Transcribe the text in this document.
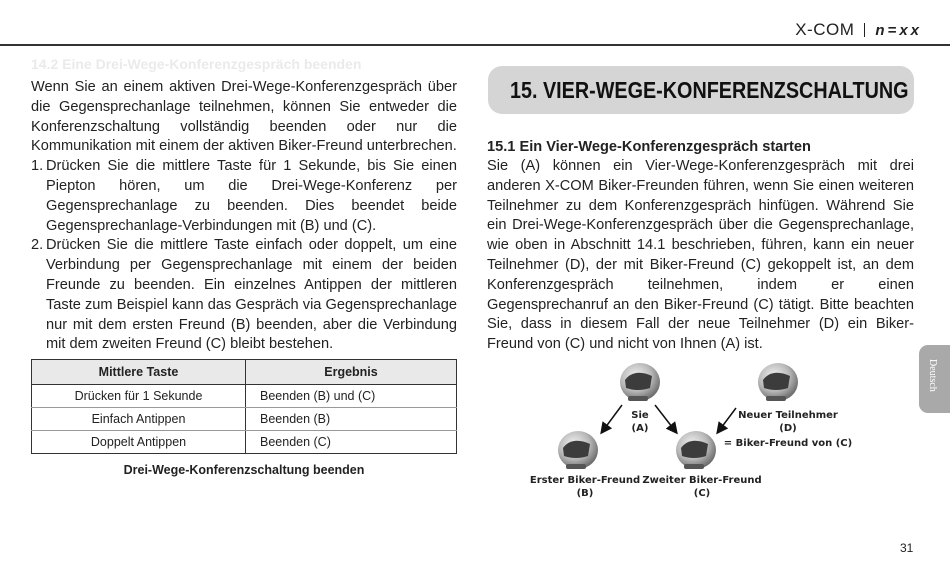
X-COM n=xx
14.2 Eine Drei-Wege-Konferenzgespräch beenden

Wenn Sie an einem aktiven Drei-Wege-Konferenzgespräch über die Gegensprechanlage teilnehmen, können Sie entweder die Konferenzschaltung vollständig beenden oder nur die Kommunikation mit einem der aktiven Biker-Freund unterbrechen.

1. Drücken Sie die mittlere Taste für 1 Sekunde, bis Sie einen Piepton hören, um die Drei-Wege-Konferenz per Gegensprechanlage zu beenden. Dies beendet beide Gegensprechanlage-Verbindungen mit (B) und (C).
2. Drücken Sie die mittlere Taste einfach oder doppelt, um eine Verbindung per Gegensprechanlage mit einem der beiden Freunde zu beenden. Ein einzelnes Antippen der mittleren Taste zum Beispiel kann das Gespräch via Gegensprechanlage nur mit dem ersten Freund (B) beenden, aber die Verbindung mit dem zweiten Freund (C) bleibt bestehen.
Mittlere Taste	Ergebnis
Drücken für 1 Sekunde	Beenden (B) und (C)
Einfach Antippen	Beenden (B)
Doppelt Antippen	Beenden (C)
Drei-Wege-Konferenzschaltung beenden
15. VIER-WEGE-KONFERENZSCHALTUNG
15.1 Ein Vier-Wege-Konferenzgespräch starten

Sie (A) können ein Vier-Wege-Konferenzgespräch mit drei anderen X-COM Biker-Freunden führen, wenn Sie einen weiteren Teilnehmer zu dem Konferenzgespräch hinfügen. Während Sie ein Drei-Wege-Konferenzgespräch über die Gegensprechanlage, wie oben in Abschnitt 14.1 beschrieben, führen, kann ein neuer Teilnehmer (D), der mit Biker-Freund (C) gekoppelt ist, an dem Konferenzgespräch teilnehmen, indem er einen Gegensprechanruf an den Biker-Freund (C) tätigt. Bitte beachten Sie, dass in diesem Fall der neue Teilnehmer (D) ein Biker-Freund von (C) und nicht von Ihnen (A) ist.

Sie
(A)
Neuer Teilnehmer
(D)
= Biker-Freund von (C)
Erster Biker-Freund
(B)
Zweiter Biker-Freund
(C)
Deutsch
31
